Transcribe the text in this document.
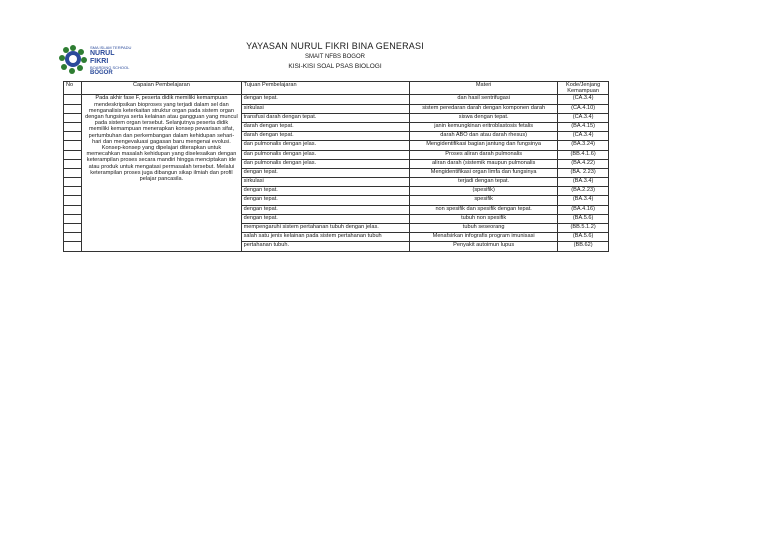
SMA ISLAM TERPADU
NURUL
FIKRI
BOARDING SCHOOL
BOGOR
YAYASAN NURUL FIKRI BINA GENERASI
SMAIT NFBS BOGOR
KISI-KISI SOAL PSAS BIOLOGI
No	Capaian Pembelajaran	Tujuan Pembelajaran	Materi	Kode/Jenjang Kemampuan
	Pada akhir fase F, peserta didik memiliki kemampuan mendeskripsikan bioproses yang terjadi dalam sel dan menganalisis keterkaitan struktur organ pada sistem organ dengan fungsinya serta kelainan atau gangguan yang muncul pada sistem organ tersebut. Selanjutnya peserta didik memiliki kemampuan menerapkan konsep pewarisan sifat, pertumbuhan dan perkembangan dalam kehidupan sehari-hari dan mengevaluasi gagasan baru mengenai evolusi. Konsep-konsep yang dipelajari diterapkan untuk memecahkan masalah kehidupan yang diselesaikan dengan keterampilan proses secara mandiri hingga menciptakan ide atau produk untuk mengatasi permasalah tersebut. Melalui keterampilan proses juga dibangun sikap ilmiah dan profil pelajar pancasila.	dengan tepat.	dan hasil sentrifugasi	(CA.3.4)
		sirkulasi	sistem peredaran darah dengan komponen darah	(CA.4.10)
		transfusi darah dengan tepat.	siswa dengan tepat.	(CA.3.4)
		darah dengan tepat.	janin kemungkinan eritroblastosis fetalis	(BA.4.15)
		darah dengan tepat.	darah ABO dan atau darah rhesus)	(CA.3.4)
		dan pulmonalis dengan jelas.	Mengidentifikasi bagian jantung dan fungsinya	(BA.3.24)
		dan pulmonalis dengan jelas.	Proses aliran darah pulmonalis	(BB.4.1.6)
		dan pulmonalis dengan jelas.	aliran darah (sistemik maupun pulmonalis	(BA.4.22)
		dengan tepat.	Mengidentifikasi organ limfa dan fungsinya	(BA. 2.23)
		sirkulasi	terjadi dengan tepat.	(BA.3.4)
		dengan tepat.	(spesifik)	(BA.2.23)
		dengan tepat.	spesifik	(BA.3.4)
		dengan tepat.	non spesifik dan spesifik dengan tepat.	(BA.4.16)
		dengan tepat.	tubuh non spesifik	(BA.5.6)
		mempengaruhi sistem pertahanan tubuh dengan jelas.	tubuh seseorang	(BB.5.1.2)
		salah satu jenis kelainan pada sistem pertahanan tubuh	Menafsirkan infografis program imunisasi	(BA.5.6)
		pertahanan tubuh.	Penyakit autoimun lupus	(BB.62)
